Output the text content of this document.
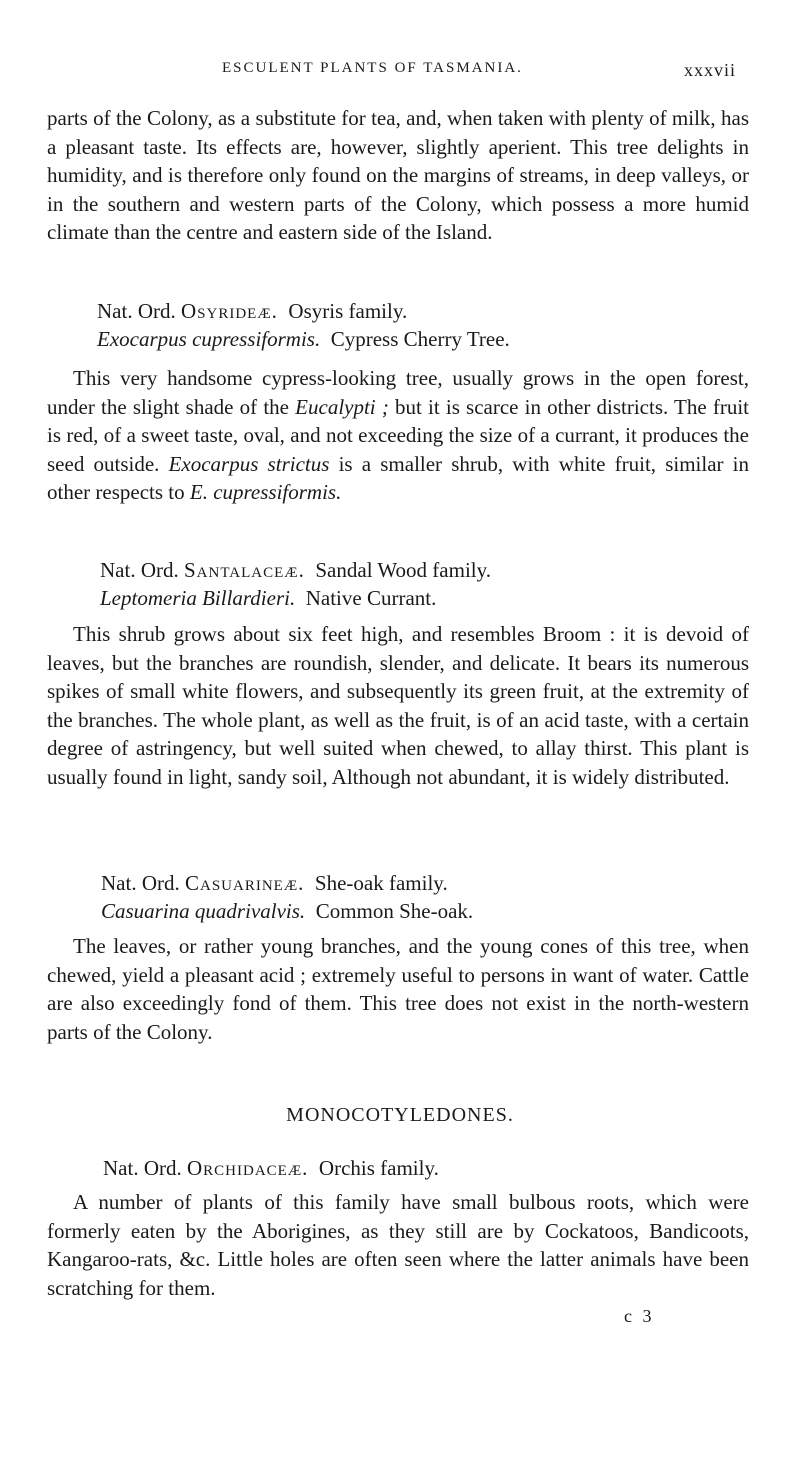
ESCULENT PLANTS OF TASMANIA.	xxxvii
parts of the Colony, as a substitute for tea, and, when taken with plenty of milk, has a pleasant taste. Its effects are, however, slightly aperient. This tree delights in humidity, and is therefore only found on the margins of streams, in deep valleys, or in the southern and western parts of the Colony, which possess a more humid climate than the centre and eastern side of the Island.
Nat. Ord. Osyrideæ. Osyris family.
Exocarpus cupressiformis. Cypress Cherry Tree.
This very handsome cypress-looking tree, usually grows in the open forest, under the slight shade of the Eucalypti ; but it is scarce in other districts. The fruit is red, of a sweet taste, oval, and not exceeding the size of a currant, it produces the seed outside. Exocarpus strictus is a smaller shrub, with white fruit, similar in other respects to E. cupressiformis.
Nat. Ord. Santalaceæ. Sandal Wood family.
Leptomeria Billardieri. Native Currant.
This shrub grows about six feet high, and resembles Broom : it is devoid of leaves, but the branches are roundish, slender, and delicate. It bears its numerous spikes of small white flowers, and subsequently its green fruit, at the extremity of the branches. The whole plant, as well as the fruit, is of an acid taste, with a certain degree of astringency, but well suited when chewed, to allay thirst. This plant is usually found in light, sandy soil, Although not abundant, it is widely distributed.
Nat. Ord. Casuarineæ. She-oak family.
Casuarina quadrivalvis. Common She-oak.
The leaves, or rather young branches, and the young cones of this tree, when chewed, yield a pleasant acid ; extremely useful to persons in want of water. Cattle are also exceedingly fond of them. This tree does not exist in the north-western parts of the Colony.
MONOCOTYLEDONES.
Nat. Ord. Orchidaceæ. Orchis family.
A number of plants of this family have small bulbous roots, which were formerly eaten by the Aborigines, as they still are by Cockatoos, Bandicoots, Kangaroo-rats, &c. Little holes are often seen where the latter animals have been scratching for them.
c 3
